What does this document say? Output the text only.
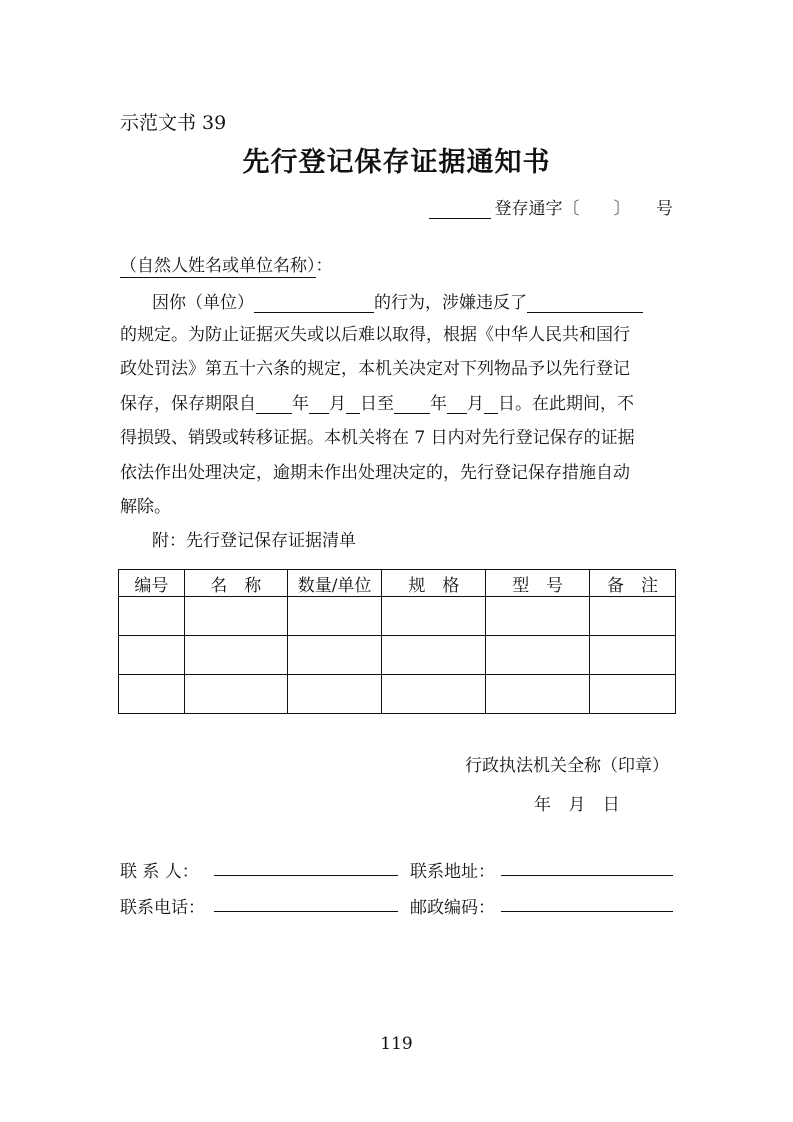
示范文书 39
先行登记保存证据通知书
登存通字〔　　〕　　号
（自然人姓名或单位名称）：
因你（单位）	的行为，涉嫌违反了
的规定。为防止证据灭失或以后难以取得，根据《中华人民共和国行
政处罚法》第五十六条的规定，本机关决定对下列物品予以先行登记
保存，保存期限自 年 月 日至 年 月 日。在此期间，不
得损毁、销毁或转移证据。本机关将在 7 日内对先行登记保存的证据
依法作出处理决定，逾期未作出处理决定的，先行登记保存措施自动
解除。
附：先行登记保存证据清单
编号	名　称	数量/单位	规　格	型　号	备　注

行政执法机关全称（印章）
年 月 日
联 系 人：	联系地址：
联系电话：	邮政编码：
119
